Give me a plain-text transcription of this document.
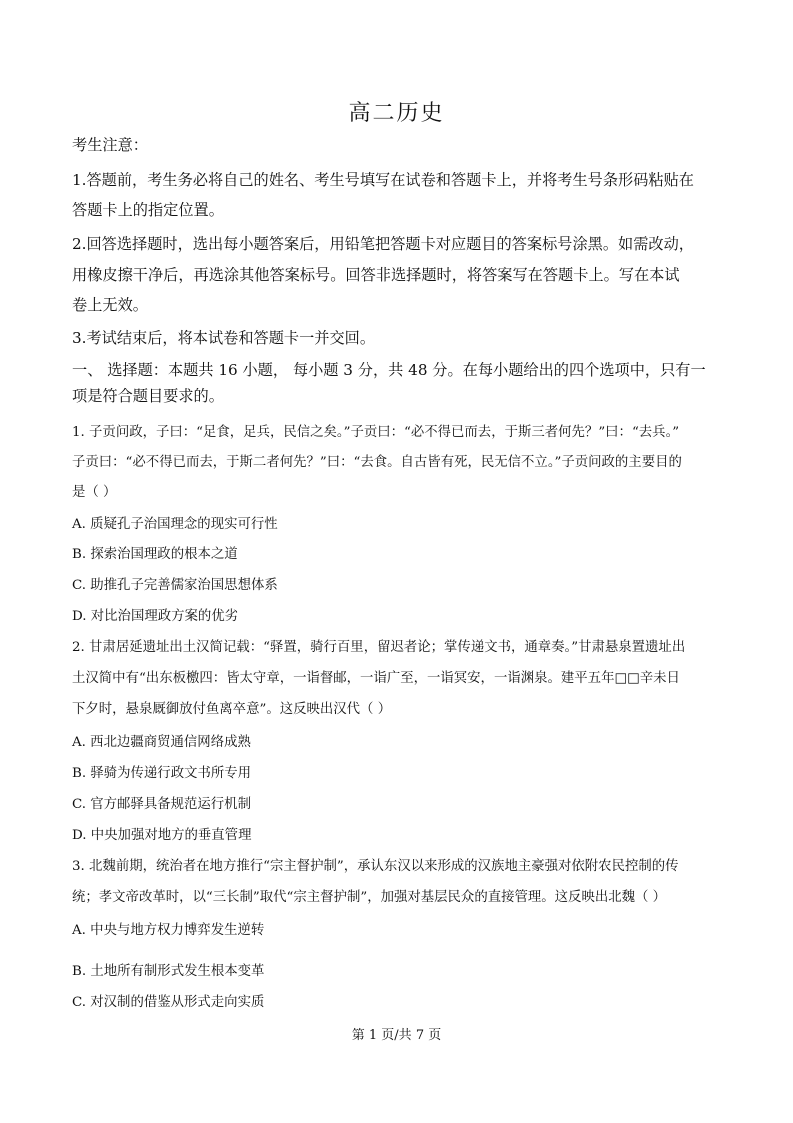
高二历史
考生注意：
1.答题前，考生务必将自己的姓名、考生号填写在试卷和答题卡上，并将考生号条形码粘贴在
答题卡上的指定位置。
2.回答选择题时，选出每小题答案后，用铅笔把答题卡对应题目的答案标号涂黑。如需改动，
用橡皮擦干净后，再选涂其他答案标号。回答非选择题时，将答案写在答题卡上。写在本试
卷上无效。
3.考试结束后，将本试卷和答题卡一并交回。
一、 选择题：本题共 16 小题， 每小题 3 分，共 48 分。在每小题给出的四个选项中，只有一
项是符合题目要求的。
1. 子贡问政，子曰：“足食，足兵，民信之矣。”子贡曰：“必不得已而去，于斯三者何先？”曰：“去兵。”
子贡曰：“必不得已而去，于斯二者何先？”曰：“去食。自古皆有死，民无信不立。”子贡问政的主要目的
是（ ）
A. 质疑孔子治国理念的现实可行性
B. 探索治国理政的根本之道
C. 助推孔子完善儒家治国思想体系
D. 对比治国理政方案的优劣
2. 甘肃居延遗址出土汉简记载：“驿置，骑行百里，留迟者论；掌传递文书，通章奏。”甘肃悬泉置遗址出
土汉简中有“出东板檄四：皆太守章，一诣督邮，一诣广至，一诣冥安，一诣渊泉。建平五年□□辛未日
下夕时，悬泉厩御放付鱼离卒意”。这反映出汉代（ ）
A. 西北边疆商贸通信网络成熟
B. 驿骑为传递行政文书所专用
C. 官方邮驿具备规范运行机制
D. 中央加强对地方的垂直管理
3. 北魏前期，统治者在地方推行“宗主督护制”，承认东汉以来形成的汉族地主豪强对依附农民控制的传
统；孝文帝改革时，以“三长制”取代“宗主督护制”，加强对基层民众的直接管理。这反映出北魏（ ）
A. 中央与地方权力博弈发生逆转
B. 土地所有制形式发生根本变革
C. 对汉制的借鉴从形式走向实质
第 1 页/共 7 页
